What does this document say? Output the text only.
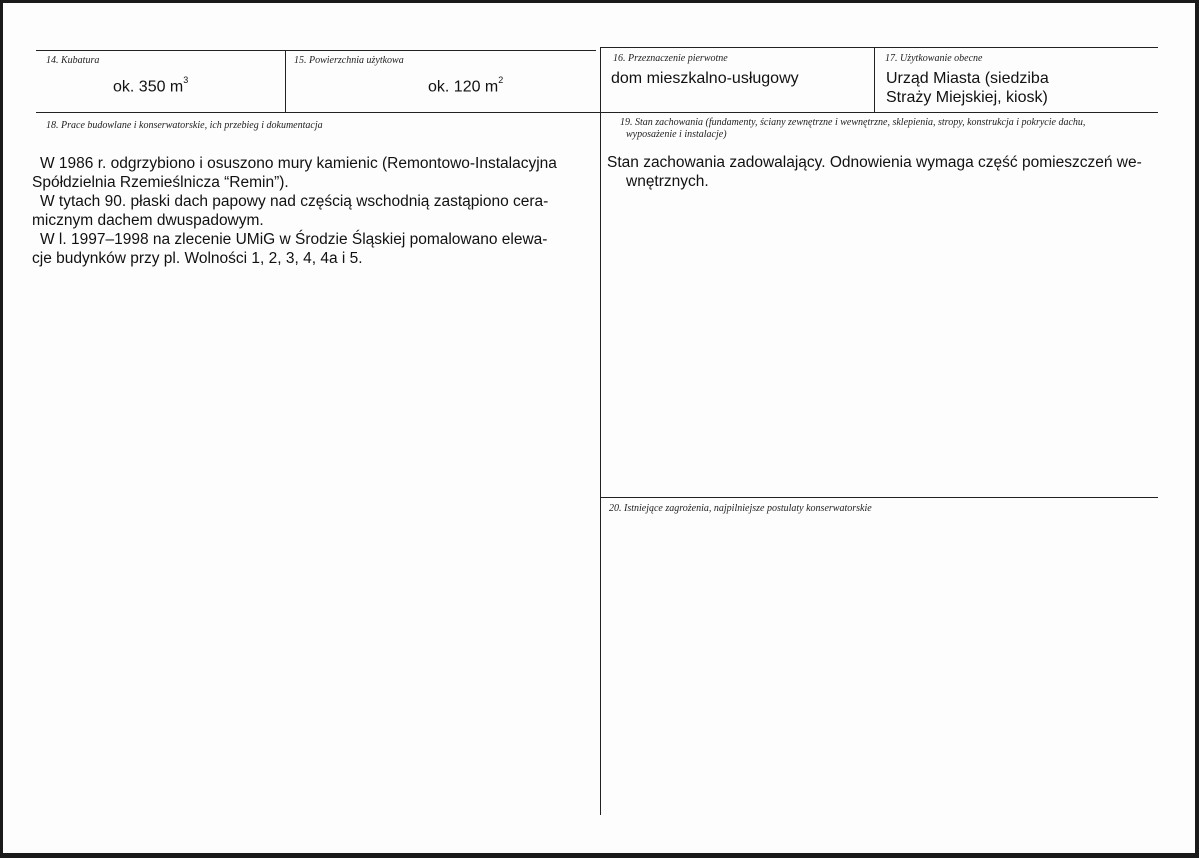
14. Kubatura
ok. 350 $m^3$
15. Powierzchnia użytkowa
ok. 120 $m^2$
16. Przeznaczenie pierwotne
dom mieszkalno-usługowy
17. Użytkowanie obecne
Urząd Miasta (siedziba
Straży Miejskiej, kiosk)
18. Prace budowlane i konserwatorskie, ich przebieg i dokumentacja

W 1986 r. odgrzybiono i osuszono mury kamienic (Remontowo-Instalacyjna

Spółdzielnia Rzemieślnicza “Remin”).

W tytach 90. płaski dach papowy nad częścią wschodnią zastąpiono cera-

micznym dachem dwuspadowym.

W l. 1997–1998 na zlecenie UMiG w Środzie Śląskiej pomalowano elewa-

cje budynków przy pl. Wolności 1, 2, 3, 4, 4a i 5.

19. Stan zachowania (fundamenty, ściany zewnętrzne i wewnętrzne, sklepienia, stropy, konstrukcja i pokrycie dachu,
wyposażenie i instalacje)
Stan zachowania zadowalający. Odnowienia wymaga część pomieszczeń we-
wnętrznych.
20. Istniejące zagrożenia, najpilniejsze postulaty konserwatorskie
